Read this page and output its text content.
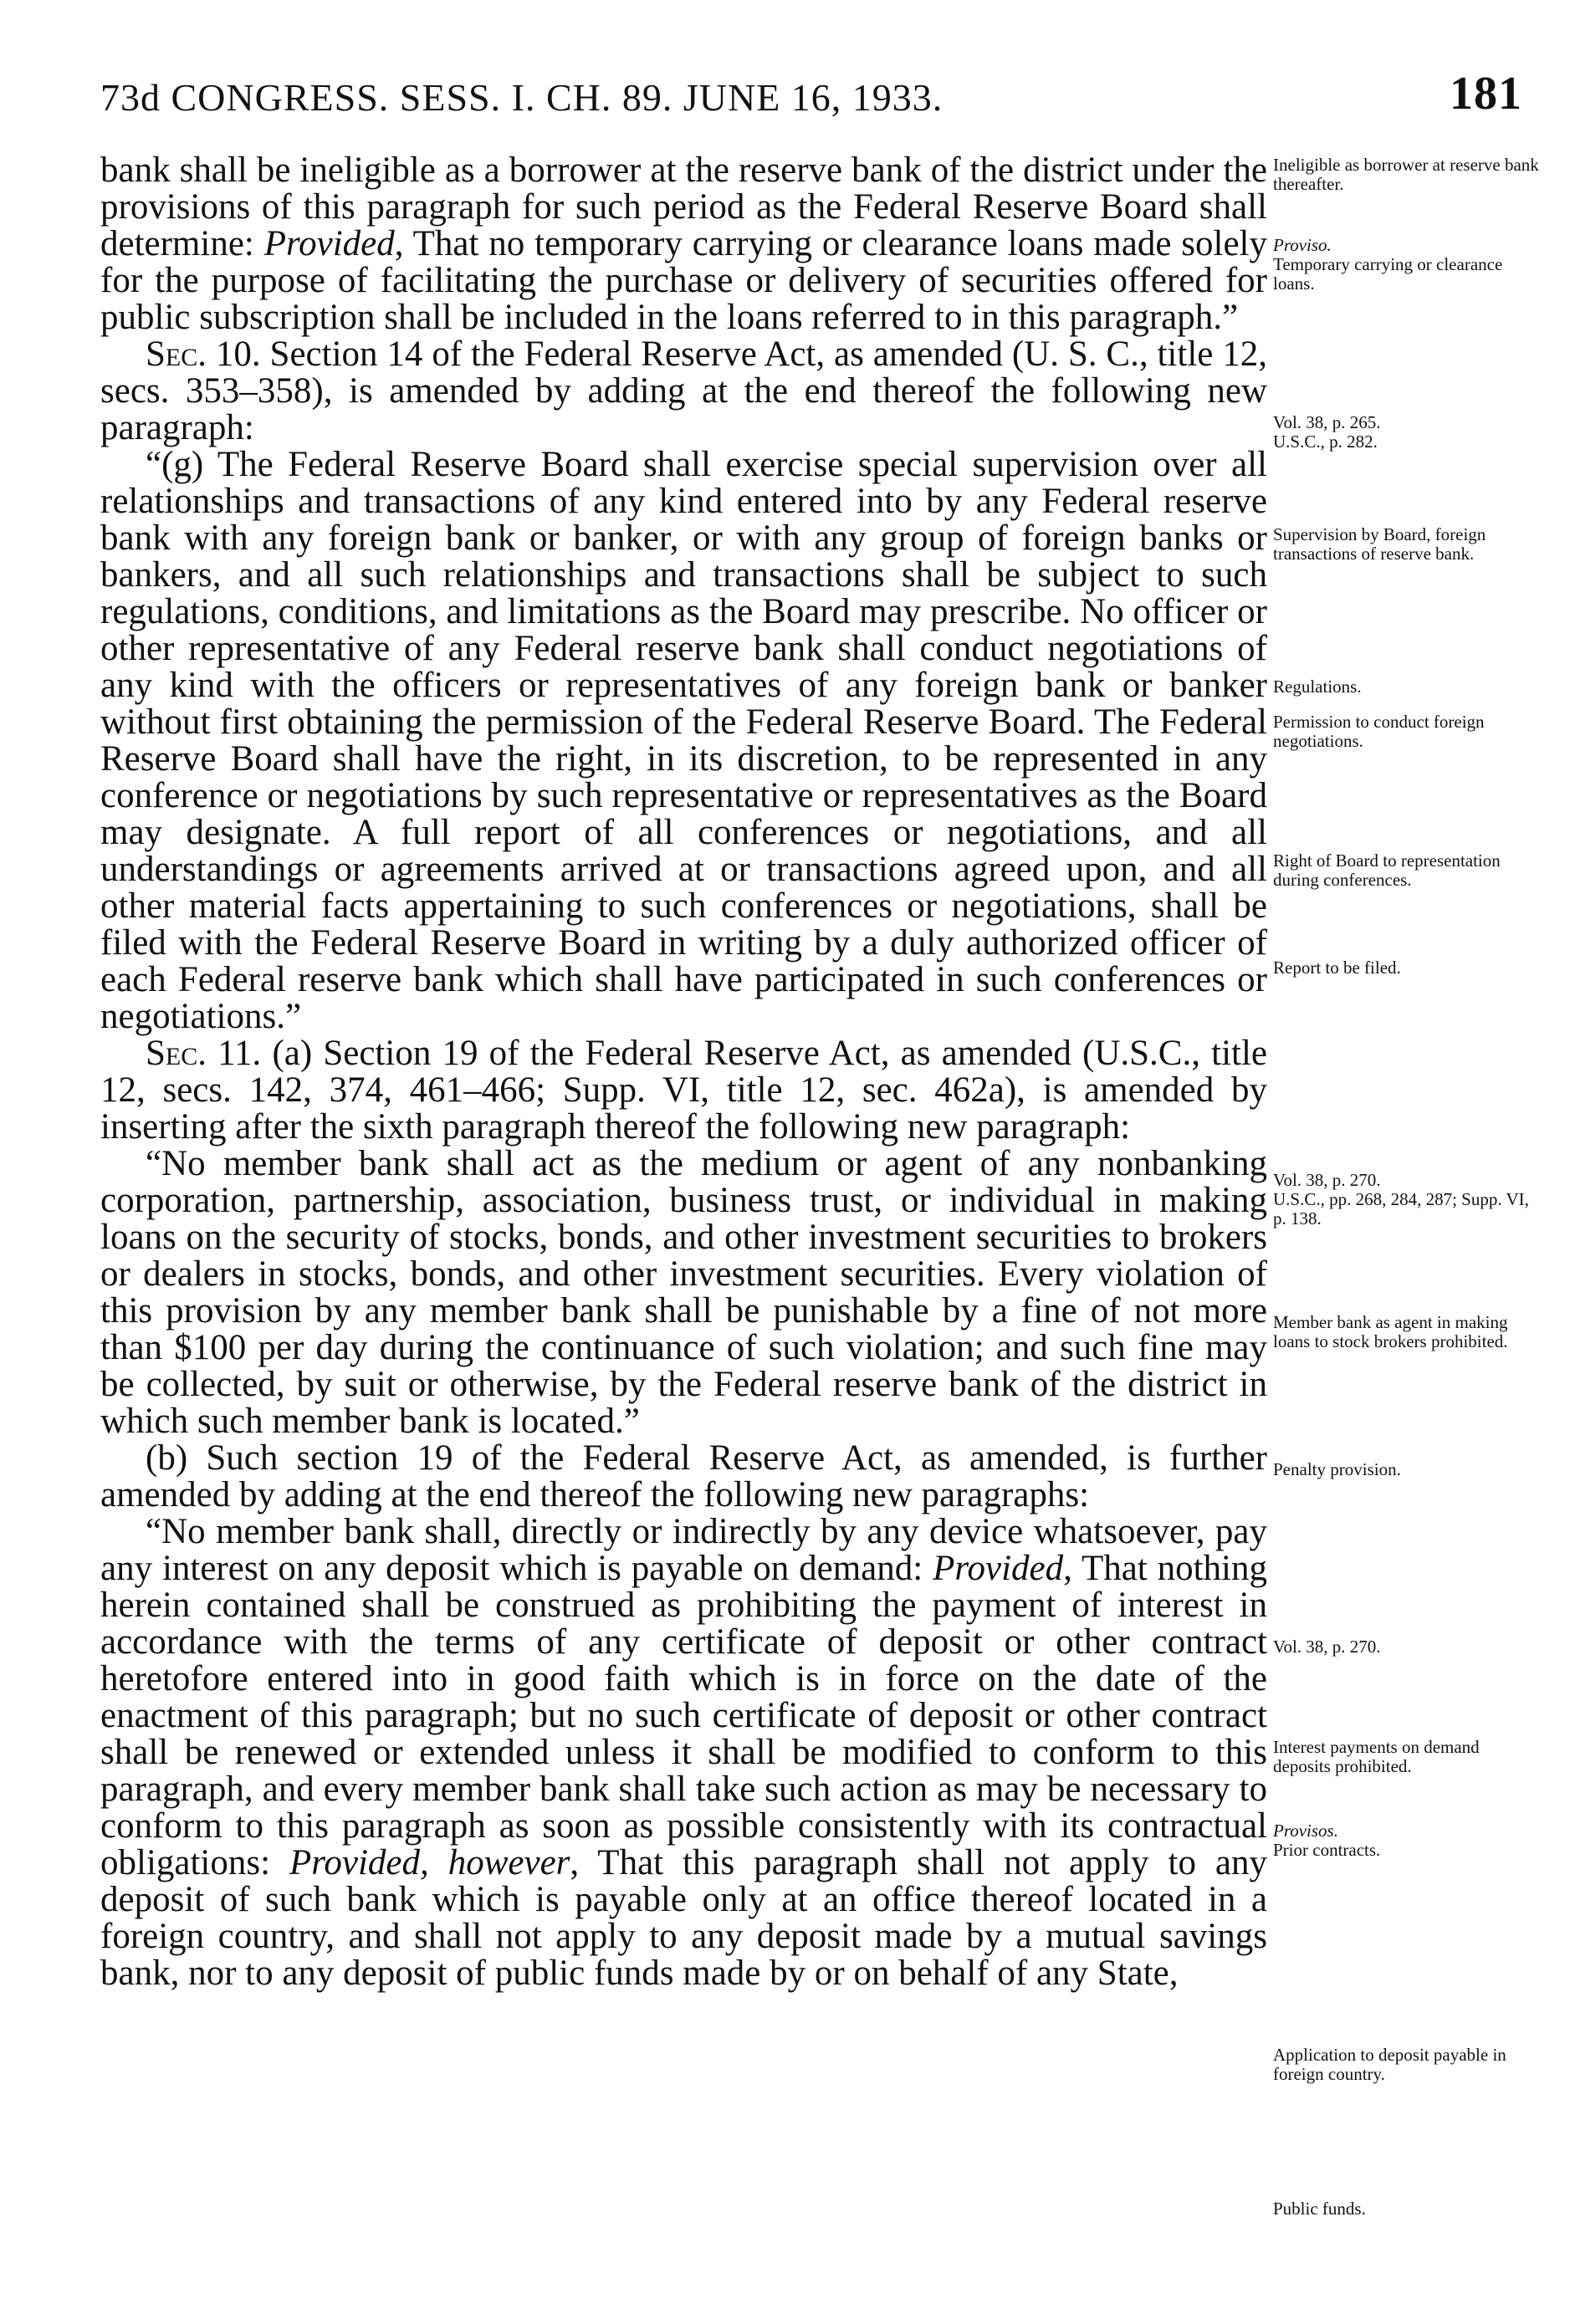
73d CONGRESS. SESS. I. CH. 89. JUNE 16, 1933.	181

bank shall be ineligible as a borrower at the reserve bank of the district under the provisions of this paragraph for such period as the Federal Reserve Board shall determine: Provided, That no temporary carrying or clearance loans made solely for the purpose of facilitating the purchase or delivery of securities offered for public subscription shall be included in the loans referred to in this paragraph.”

Sec. 10. Section 14 of the Federal Reserve Act, as amended (U. S. C., title 12, secs. 353–358), is amended by adding at the end thereof the following new paragraph:

“(g) The Federal Reserve Board shall exercise special supervision over all relationships and transactions of any kind entered into by any Federal reserve bank with any foreign bank or banker, or with any group of foreign banks or bankers, and all such relationships and transactions shall be subject to such regulations, conditions, and limitations as the Board may prescribe. No officer or other representative of any Federal reserve bank shall conduct negotiations of any kind with the officers or representatives of any foreign bank or banker without first obtaining the permission of the Federal Reserve Board. The Federal Reserve Board shall have the right, in its discretion, to be represented in any conference or negotiations by such representative or representatives as the Board may designate. A full report of all conferences or negotiations, and all understandings or agreements arrived at or transactions agreed upon, and all other material facts appertaining to such conferences or negotiations, shall be filed with the Federal Reserve Board in writing by a duly authorized officer of each Federal reserve bank which shall have participated in such conferences or negotiations.”

Sec. 11. (a) Section 19 of the Federal Reserve Act, as amended (U.S.C., title 12, secs. 142, 374, 461–466; Supp. VI, title 12, sec. 462a), is amended by inserting after the sixth paragraph thereof the following new paragraph:

“No member bank shall act as the medium or agent of any nonbanking corporation, partnership, association, business trust, or individual in making loans on the security of stocks, bonds, and other investment securities to brokers or dealers in stocks, bonds, and other investment securities. Every violation of this provision by any member bank shall be punishable by a fine of not more than $100 per day during the continuance of such violation; and such fine may be collected, by suit or otherwise, by the Federal reserve bank of the district in which such member bank is located.”

(b) Such section 19 of the Federal Reserve Act, as amended, is further amended by adding at the end thereof the following new paragraphs:

“No member bank shall, directly or indirectly by any device whatsoever, pay any interest on any deposit which is payable on demand: Provided, That nothing herein contained shall be construed as prohibiting the payment of interest in accordance with the terms of any certificate of deposit or other contract heretofore entered into in good faith which is in force on the date of the enactment of this paragraph; but no such certificate of deposit or other contract shall be renewed or extended unless it shall be modified to conform to this paragraph, and every member bank shall take such action as may be necessary to conform to this paragraph as soon as possible consistently with its contractual obligations: Provided, however, That this paragraph shall not apply to any deposit of such bank which is payable only at an office thereof located in a foreign country, and shall not apply to any deposit made by a mutual savings bank, nor to any deposit of public funds made by or on behalf of any State,

Ineligible as borrower at reserve bank thereafter.
Proviso.
Temporary carrying or clearance loans.
Vol. 38, p. 265.
U.S.C., p. 282.
Supervision by Board, foreign transactions of reserve bank.
Regulations.
Permission to conduct foreign negotiations.
Right of Board to representation during conferences.
Report to be filed.
Vol. 38, p. 270.
U.S.C., pp. 268, 284, 287; Supp. VI, p. 138.
Member bank as agent in making loans to stock brokers prohibited.
Penalty provision.
Vol. 38, p. 270.
Interest payments on demand deposits prohibited.
Provisos.
Prior contracts.
Application to deposit payable in foreign country.
Public funds.
